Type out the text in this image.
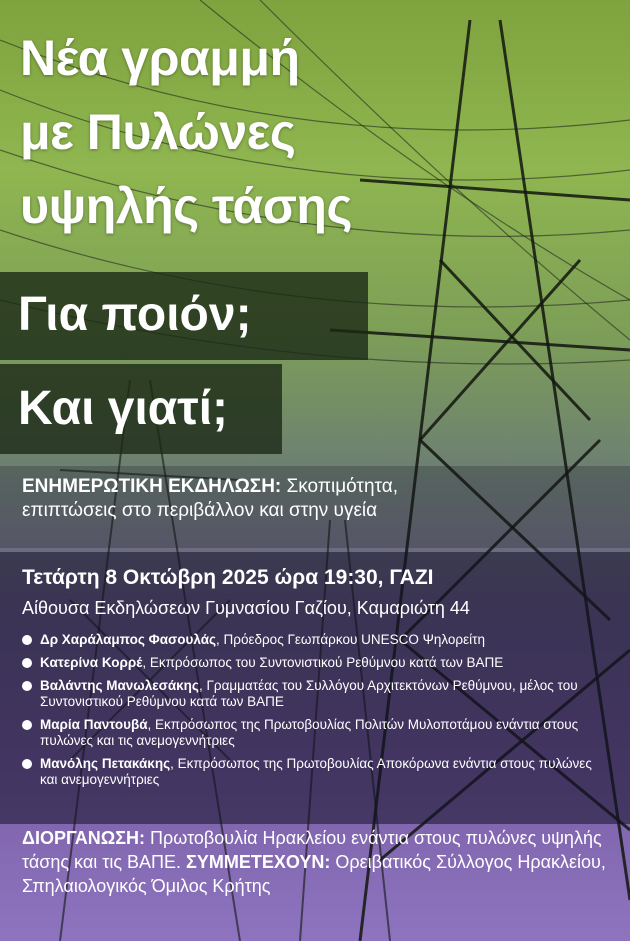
Νέα γραμμή
με Πυλώνες
υψηλής τάσης
Για ποιόν;
Και γιατί;
ΕΝΗΜΕΡΩΤΙΚΗ ΕΚΔΗΛΩΣΗ: Σκοπιμότητα,
επιπτώσεις στο περιβάλλον και στην υγεία
Τετάρτη 8 Οκτώβρη 2025 ώρα 19:30, ΓΑΖΙ
Αίθουσα Εκδηλώσεων Γυμνασίου Γαζίου, Καμαριώτη 44
Δρ Χαράλαμπος Φασουλάς, Πρόεδρος Γεωπάρκου UNESCO Ψηλορείτη
Κατερίνα Κορρέ, Εκπρόσωπος του Συντονιστικού Ρεθύμνου κατά των ΒΑΠΕ
Βαλάντης Μανωλεσάκης, Γραμματέας του Συλλόγου Αρχιτεκτόνων Ρεθύμνου, μέλος του Συντονιστικού Ρεθύμνου κατά των ΒΑΠΕ
Μαρία Παντουβά, Εκπρόσωπος της Πρωτοβουλίας Πολιτών Μυλοποτάμου ενάντια στους πυλώνες και τις ανεμογεννήτριες
Μανόλης Πετακάκης, Εκπρόσωπος της Πρωτοβουλίας Αποκόρωνα ενάντια στους πυλώνες και ανεμογεννήτριες
ΔΙΟΡΓΑΝΩΣΗ: Πρωτοβουλία Ηρακλείου ενάντια στους πυλώνες υψηλής τάσης και τις ΒΑΠΕ. ΣΥΜΜΕΤΕΧΟΥΝ: Ορειβατικός Σύλλογος Ηρακλείου, Σπηλαιολογικός Όμιλος Κρήτης
